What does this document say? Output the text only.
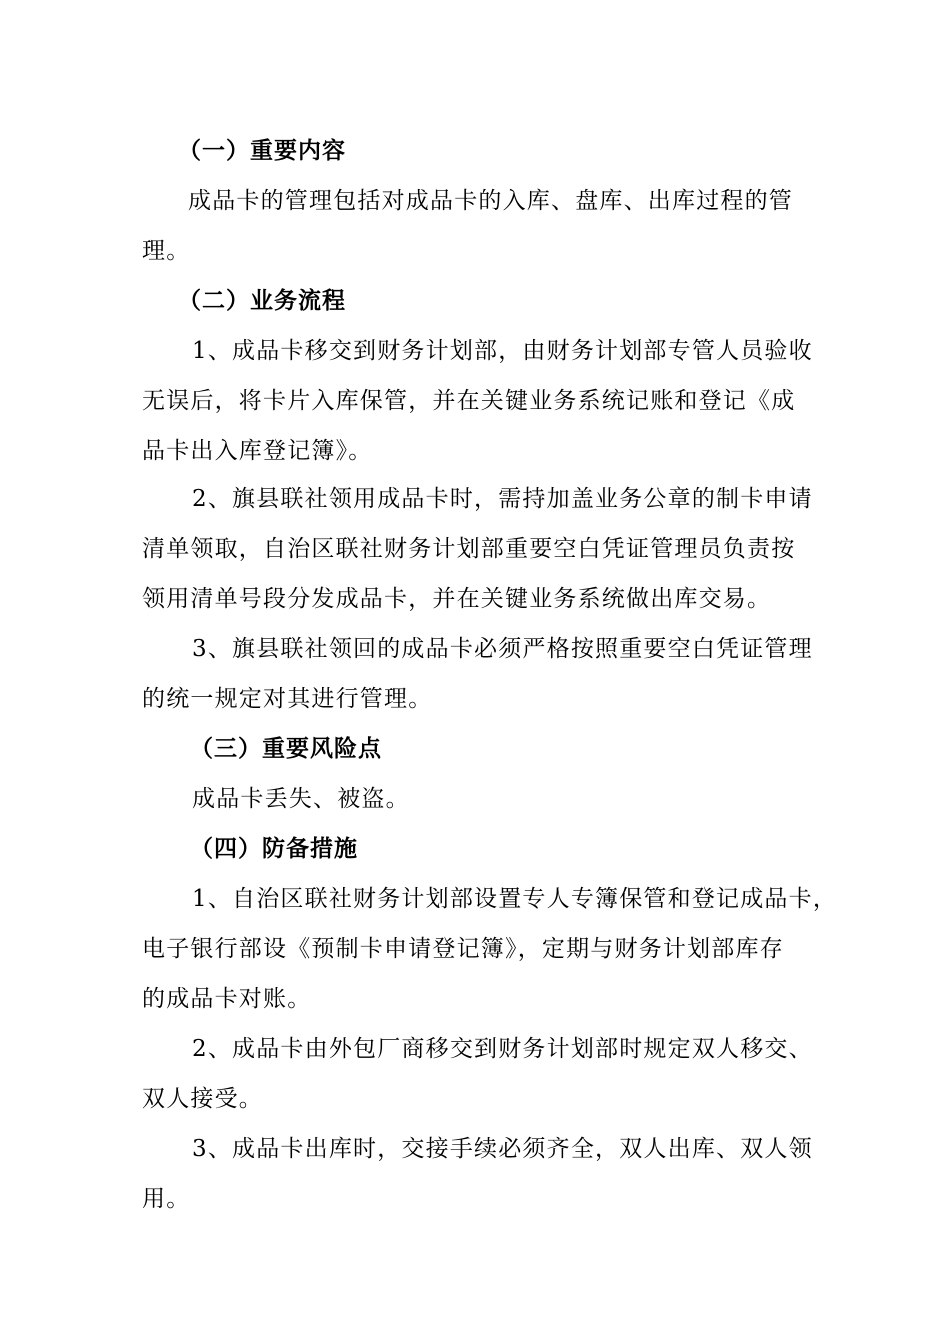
（一）重要内容
成品卡的管理包括对成品卡的入库、盘库、出库过程的管
理。
（二）业务流程
1、成品卡移交到财务计划部，由财务计划部专管人员验收
无误后，将卡片入库保管，并在关键业务系统记账和登记《成
品卡出入库登记簿》。
2、旗县联社领用成品卡时，需持加盖业务公章的制卡申请
清单领取，自治区联社财务计划部重要空白凭证管理员负责按
领用清单号段分发成品卡，并在关键业务系统做出库交易。
3、旗县联社领回的成品卡必须严格按照重要空白凭证管理
的统一规定对其进行管理。
（三）重要风险点
成品卡丢失、被盗。
（四）防备措施
1、自治区联社财务计划部设置专人专簿保管和登记成品卡，
电子银行部设《预制卡申请登记簿》，定期与财务计划部库存
的成品卡对账。
2、成品卡由外包厂商移交到财务计划部时规定双人移交、
双人接受。
3、成品卡出库时，交接手续必须齐全，双人出库、双人领
用。
